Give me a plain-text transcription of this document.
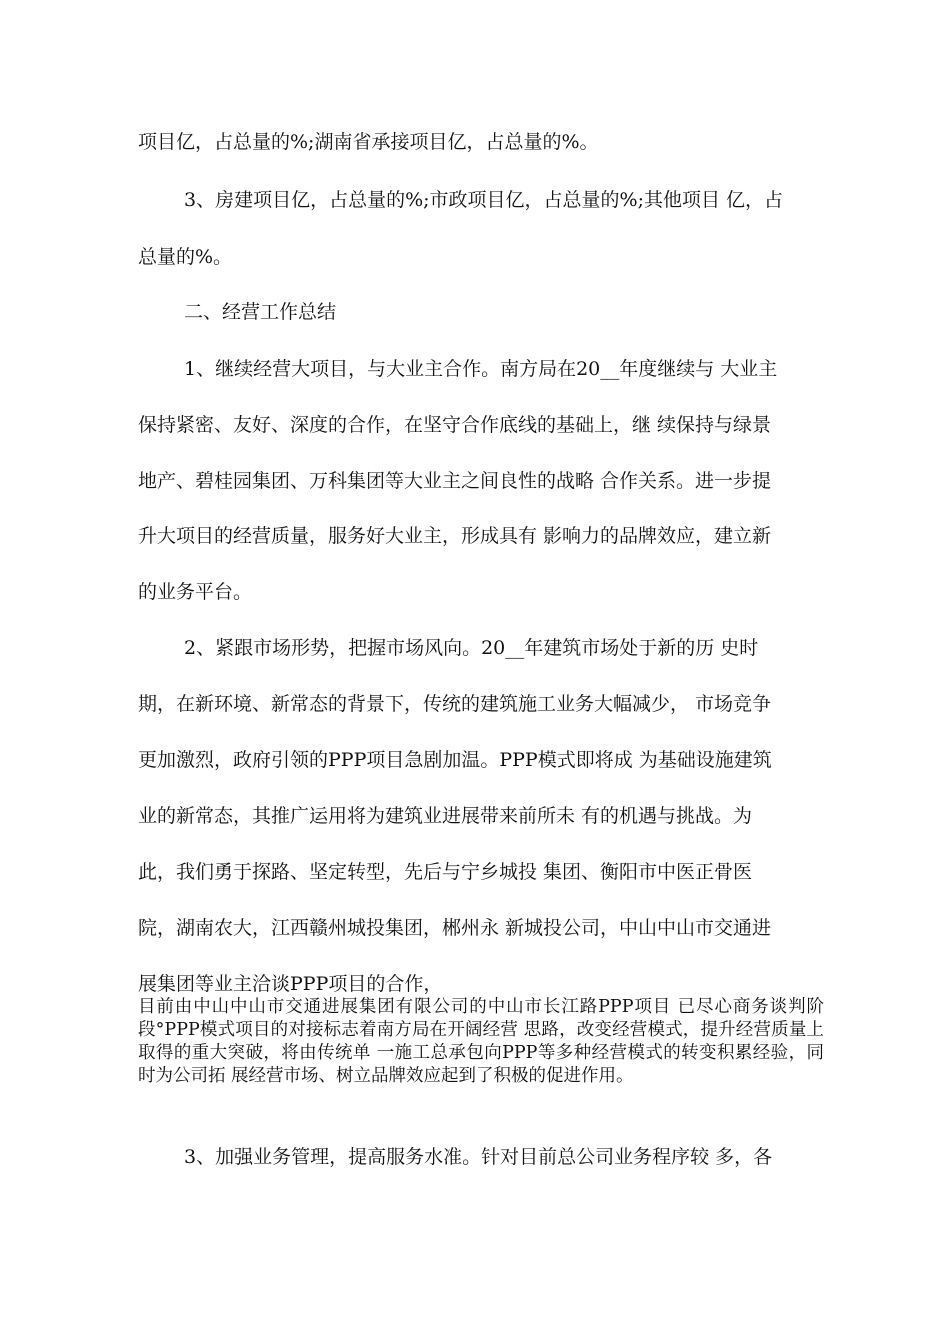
项目亿，占总量的%;湖南省承接项目亿，占总量的%。
3、房建项目亿，占总量的%;市政项目亿，占总量的%;其他项目 亿，占
总量的%。
二、经营工作总结
1、继续经营大项目，与大业主合作。南方局在20__年度继续与 大业主
保持紧密、友好、深度的合作，在坚守合作底线的基础上，继 续保持与绿景
地产、碧桂园集团、万科集团等大业主之间良性的战略 合作关系。进一步提
升大项目的经营质量，服务好大业主，形成具有 影响力的品牌效应，建立新
的业务平台。
2、紧跟市场形势，把握市场风向。20__年建筑市场处于新的历 史时
期，在新环境、新常态的背景下，传统的建筑施工业务大幅减少， 市场竞争
更加激烈，政府引领的PPP项目急剧加温。PPP模式即将成 为基础设施建筑
业的新常态，其推广运用将为建筑业进展带来前所未 有的机遇与挑战。为
此，我们勇于探路、坚定转型，先后与宁乡城投 集团、衡阳市中医正骨医
院，湖南农大，江西赣州城投集团，郴州永 新城投公司，中山中山市交通进
展集团等业主洽谈PPP项目的合作，
目前由中山中山市交通进展集团有限公司的中山市长江路PPP项目 已尽心商务谈判阶段°PPP模式项目的对接标志着南方局在开阔经营 思路，改变经营模式，提升经营质量上取得的重大突破，将由传统单 一施工总承包向PPP等多种经营模式的转变积累经验，同时为公司拓 展经营市场、树立品牌效应起到了积极的促进作用。
3、加强业务管理，提高服务水准。针对目前总公司业务程序较 多，各
